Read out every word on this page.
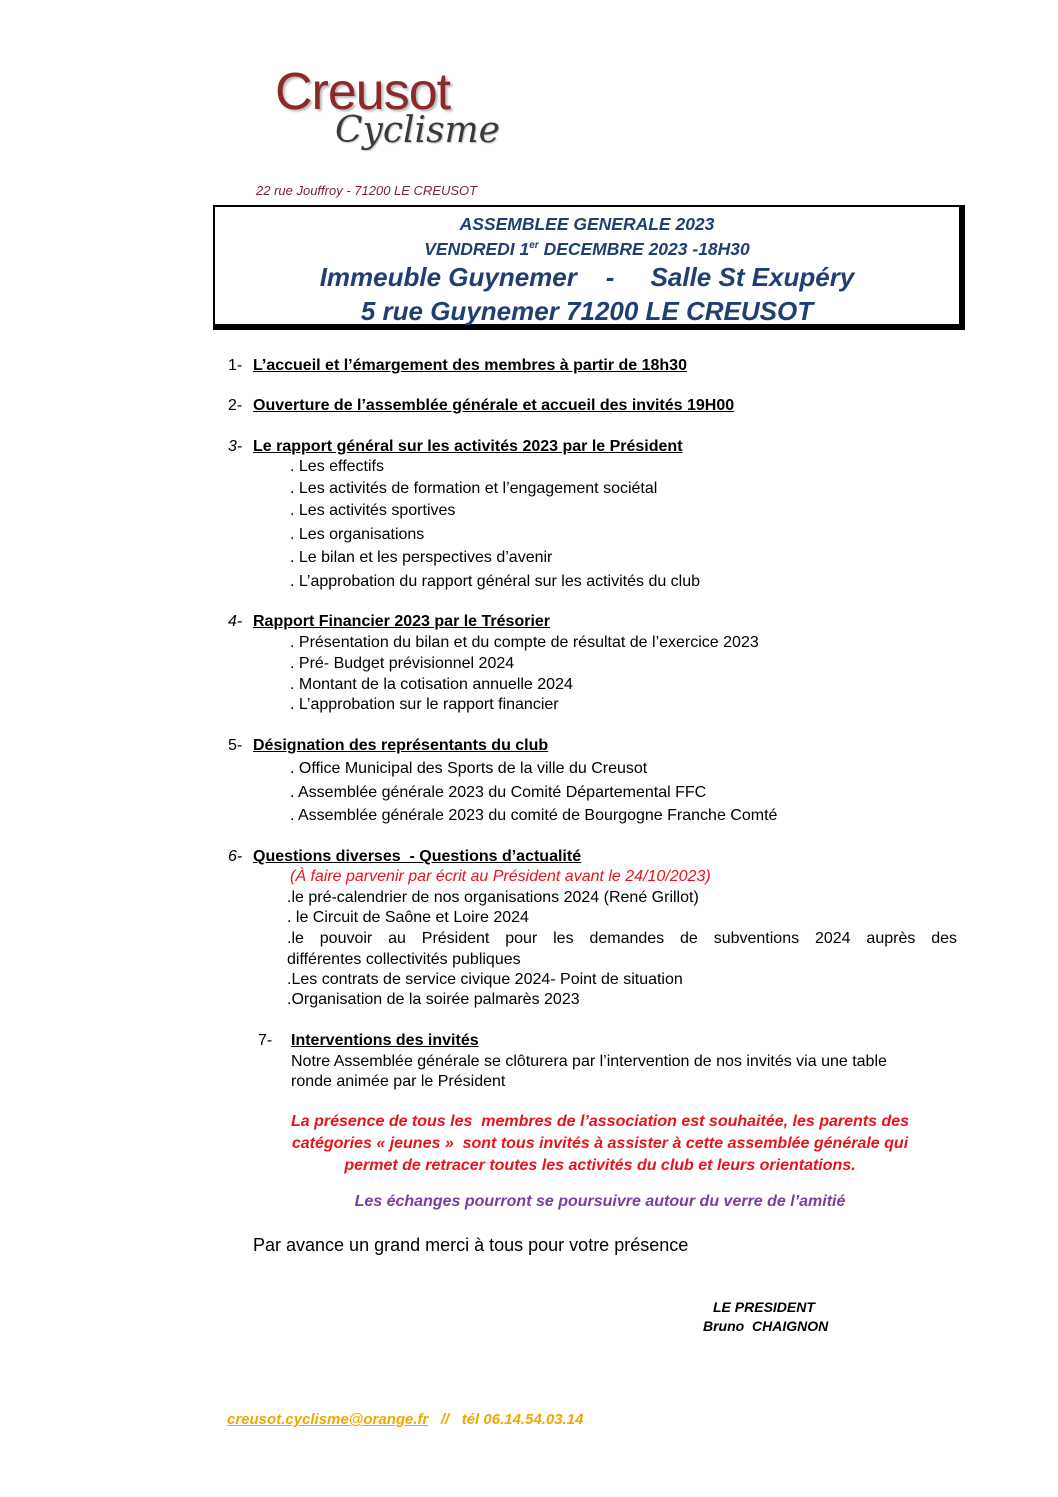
Creusot
Cyclisme
22 rue Jouffroy - 71200 LE CREUSOT
ASSEMBLEE GENERALE 2023
VENDREDI 1er DECEMBRE 2023 -18H30
Immeuble Guynemer    -     Salle St Exupéry
5 rue Guynemer 71200 LE CREUSOT
1- L’accueil et l’émargement des membres à partir de 18h30
2- Ouverture de l’assemblée générale et accueil des invités 19H00
3- Le rapport général sur les activités 2023 par le Président
. Les effectifs
. Les activités de formation et l’engagement sociétal
. Les activités sportives
. Les organisations
. Le bilan et les perspectives d’avenir
. L’approbation du rapport général sur les activités du club
4- Rapport Financier 2023 par le Trésorier
. Présentation du bilan et du compte de résultat de l’exercice 2023
. Pré- Budget prévisionnel 2024
. Montant de la cotisation annuelle 2024
. L’approbation sur le rapport financier
5- Désignation des représentants du club
. Office Municipal des Sports de la ville du Creusot
. Assemblée générale 2023 du Comité Départemental FFC
. Assemblée générale 2023 du comité de Bourgogne Franche Comté
6- Questions diverses  - Questions d’actualité
(À faire parvenir par écrit au Président avant le 24/10/2023)
.le pré-calendrier de nos organisations 2024 (René Grillot)
. le Circuit de Saône et Loire 2024
.le pouvoir au Président pour les demandes de subventions 2024 auprès des
différentes collectivités publiques
.Les contrats de service civique 2024- Point de situation
.Organisation de la soirée palmarès 2023
7- Interventions des invités
Notre Assemblée générale se clôturera par l’intervention de nos invités via une table
ronde animée par le Président
La présence de tous les  membres de l’association est souhaitée, les parents des
catégories « jeunes »  sont tous invités à assister à cette assemblée générale qui
permet de retracer toutes les activités du club et leurs orientations.
Les échanges pourront se poursuivre autour du verre de l’amitié
Par avance un grand merci à tous pour votre présence
LE PRESIDENT
Bruno  CHAIGNON
creusot.cyclisme@orange.fr   //   tél 06.14.54.03.14
